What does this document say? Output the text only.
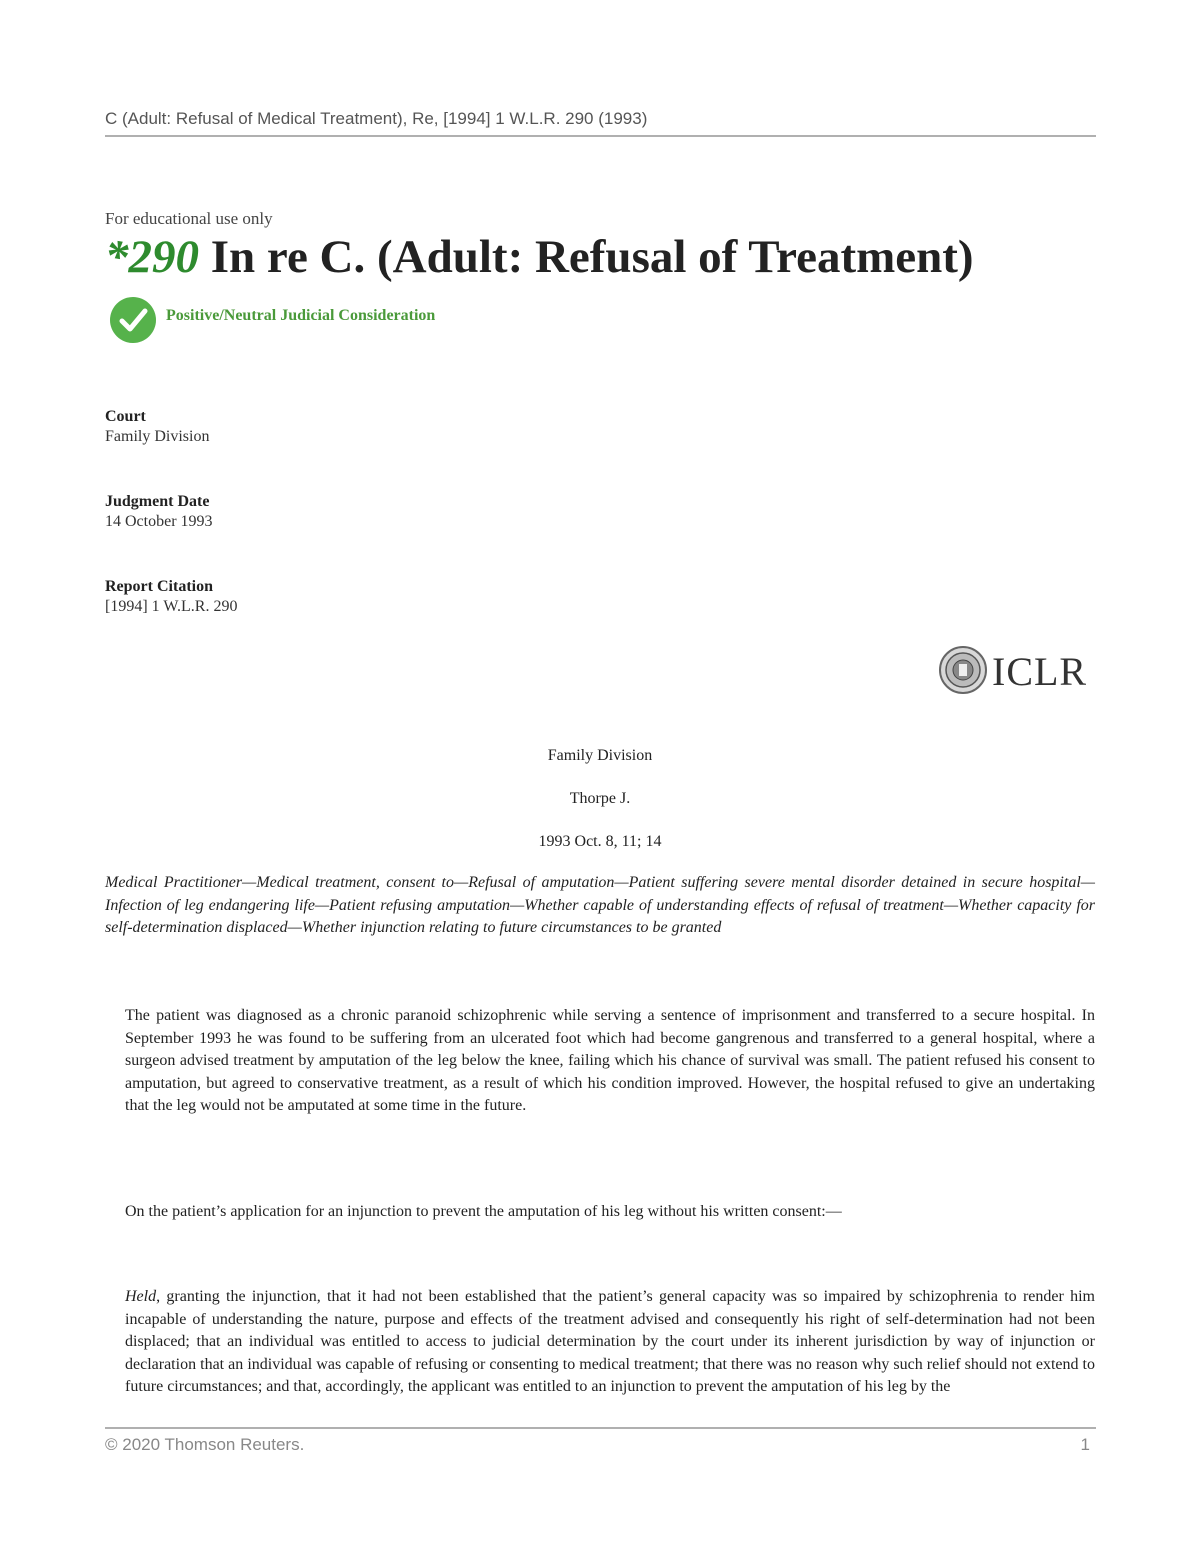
C (Adult: Refusal of Medical Treatment), Re, [1994] 1 W.L.R. 290 (1993)
For educational use only
*290 In re C. (Adult: Refusal of Treatment)
Positive/Neutral Judicial Consideration
Court
Family Division
Judgment Date
14 October 1993
Report Citation
[1994] 1 W.L.R. 290
ICLR
Family Division
Thorpe J.
1993 Oct. 8, 11; 14

Medical Practitioner—Medical treatment, consent to—Refusal of amputation—Patient suffering severe mental disorder detained in secure hospital—Infection of leg endangering life—Patient refusing amputation—Whether capable of understanding effects of refusal of treatment—Whether capacity for self-determination displaced—Whether injunction relating to future circumstances to be granted

The patient was diagnosed as a chronic paranoid schizophrenic while serving a sentence of imprisonment and transferred to a secure hospital. In September 1993 he was found to be suffering from an ulcerated foot which had become gangrenous and transferred to a general hospital, where a surgeon advised treatment by amputation of the leg below the knee, failing which his chance of survival was small. The patient refused his consent to amputation, but agreed to conservative treatment, as a result of which his condition improved. However, the hospital refused to give an undertaking that the leg would not be amputated at some time in the future.

On the patient’s application for an injunction to prevent the amputation of his leg without his written consent:—

Held, granting the injunction, that it had not been established that the patient’s general capacity was so impaired by schizophrenia to render him incapable of understanding the nature, purpose and effects of the treatment advised and consequently his right of self-determination had not been displaced; that an individual was entitled to access to judicial determination by the court under its inherent jurisdiction by way of injunction or declaration that an individual was capable of refusing or consenting to medical treatment; that there was no reason why such relief should not extend to future circumstances; and that, accordingly, the applicant was entitled to an injunction to prevent the amputation of his leg by the

© 2020 Thomson Reuters.	1
